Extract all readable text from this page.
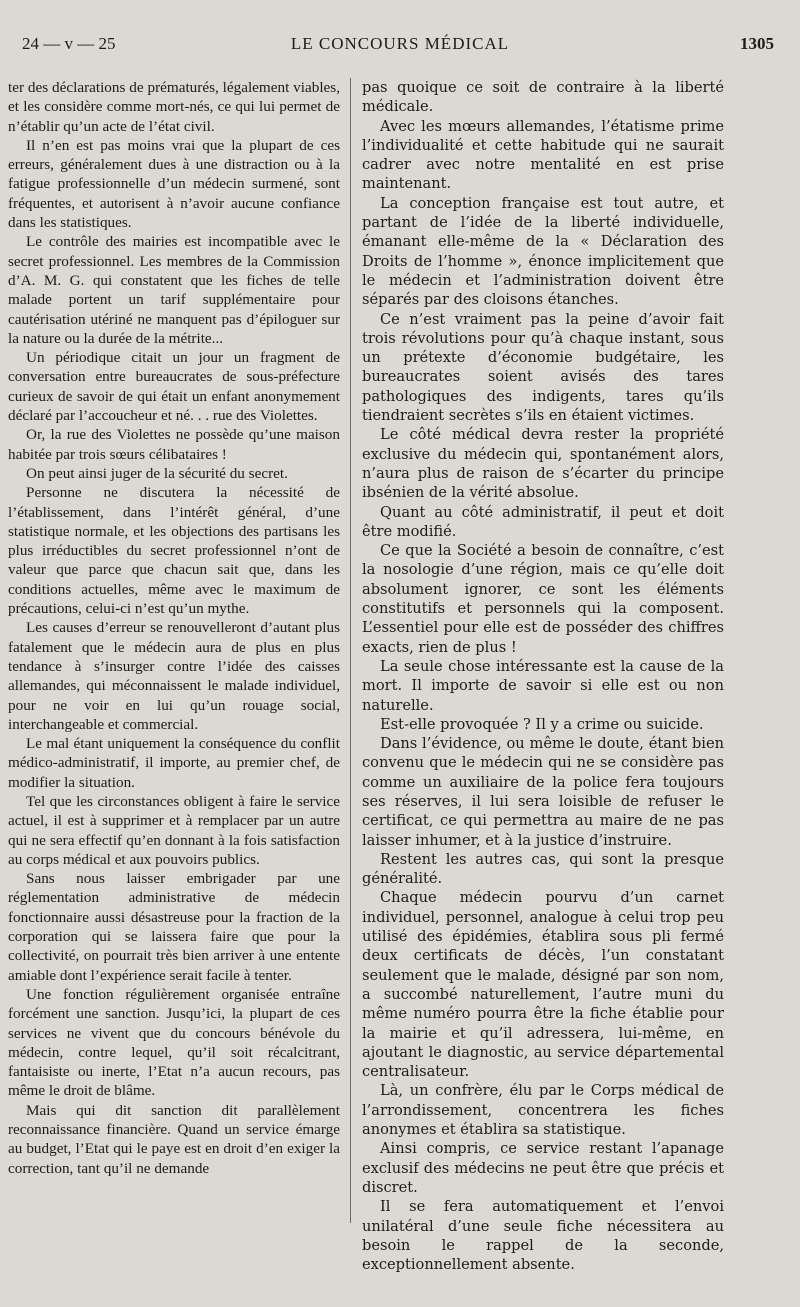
24 — v — 25	LE CONCOURS MÉDICAL	1305

ter des déclarations de prématurés, légalement viables, et les considère comme mort-nés, ce qui lui permet de n’établir qu’un acte de l’état civil.

Il n’en est pas moins vrai que la plupart de ces erreurs, généralement dues à une distraction ou à la fatigue professionnelle d’un médecin surmené, sont fréquentes, et autorisent à n’avoir aucune confiance dans les statistiques.

Le contrôle des mairies est incompatible avec le secret professionnel. Les membres de la Commission d’A. M. G. qui constatent que les fiches de telle malade portent un tarif supplémentaire pour cautérisation utériné ne manquent pas d’épiloguer sur la nature ou la durée de la métrite...

Un périodique citait un jour un fragment de conversation entre bureaucrates de sous-préfecture curieux de savoir de qui était un enfant anonymement déclaré par l’accoucheur et né. . . rue des Violettes.

Or, la rue des Violettes ne possède qu’une maison habitée par trois sœurs célibataires !

On peut ainsi juger de la sécurité du secret.

Personne ne discutera la nécessité de l’établissement, dans l’intérêt général, d’une statistique normale, et les objections des partisans les plus irréductibles du secret professionnel n’ont de valeur que parce que chacun sait que, dans les conditions actuelles, même avec le maximum de précautions, celui-ci n’est qu’un mythe.

Les causes d’erreur se renouvelleront d’autant plus fatalement que le médecin aura de plus en plus tendance à s’insurger contre l’idée des caisses allemandes, qui méconnaissent le malade individuel, pour ne voir en lui qu’un rouage social, interchangeable et commercial.

Le mal étant uniquement la conséquence du conflit médico-administratif, il importe, au premier chef, de modifier la situation.

Tel que les circonstances obligent à faire le service actuel, il est à supprimer et à remplacer par un autre qui ne sera effectif qu’en donnant à la fois satisfaction au corps médical et aux pouvoirs publics.

Sans nous laisser embrigader par une réglementation administrative de médecin fonctionnaire aussi désastreuse pour la fraction de la corporation qui se laissera faire que pour la collectivité, on pourrait très bien arriver à une entente amiable dont l’expérience serait facile à tenter.

Une fonction régulièrement organisée entraîne forcément une sanction. Jusqu’ici, la plupart de ces services ne vivent que du concours bénévole du médecin, contre lequel, qu’il soit récalcitrant, fantaisiste ou inerte, l’Etat n’a aucun recours, pas même le droit de blâme.

Mais qui dit sanction dit parallèlement reconnaissance financière. Quand un service émarge au budget, l’Etat qui le paye est en droit d’en exiger la correction, tant qu’il ne demande

pas quoique ce soit de contraire à la liberté médicale.

Avec les mœurs allemandes, l’étatisme prime l’individualité et cette habitude qui ne saurait cadrer avec notre mentalité en est prise maintenant.

La conception française est tout autre, et partant de l’idée de la liberté individuelle, émanant elle-même de la « Déclaration des Droits de l’homme », énonce implicitement que le médecin et l’administration doivent être séparés par des cloisons étanches.

Ce n’est vraiment pas la peine d’avoir fait trois révolutions pour qu’à chaque instant, sous un prétexte d’économie budgétaire, les bureaucrates soient avisés des tares pathologiques des indigents, tares qu’ils tiendraient secrètes s’ils en étaient victimes.

Le côté médical devra rester la propriété exclusive du médecin qui, spontanément alors, n’aura plus de raison de s’écarter du principe ibsénien de la vérité absolue.

Quant au côté administratif, il peut et doit être modifié.

Ce que la Société a besoin de connaître, c’est la nosologie d’une région, mais ce qu’elle doit absolument ignorer, ce sont les éléments constitutifs et personnels qui la composent. L’essentiel pour elle est de posséder des chiffres exacts, rien de plus !

La seule chose intéressante est la cause de la mort. Il importe de savoir si elle est ou non naturelle.

Est-elle provoquée ? Il y a crime ou suicide.

Dans l’évidence, ou même le doute, étant bien convenu que le médecin qui ne se considère pas comme un auxiliaire de la police fera toujours ses réserves, il lui sera loisible de refuser le certificat, ce qui permettra au maire de ne pas laisser inhumer, et à la justice d’instruire.

Restent les autres cas, qui sont la presque généralité.

Chaque médecin pourvu d’un carnet individuel, personnel, analogue à celui trop peu utilisé des épidémies, établira sous pli fermé deux certificats de décès, l’un constatant seulement que le malade, désigné par son nom, a succombé naturellement, l’autre muni du même numéro pourra être la fiche établie pour la mairie et qu’il adressera, lui-même, en ajoutant le diagnostic, au service départemental centralisateur.

Là, un confrère, élu par le Corps médical de l’arrondissement, concentrera les fiches anonymes et établira sa statistique.

Ainsi compris, ce service restant l’apanage exclusif des médecins ne peut être que précis et discret.

Il se fera automatiquement et l’envoi unilatéral d’une seule fiche nécessitera au besoin le rappel de la seconde, exceptionnellement absente.
